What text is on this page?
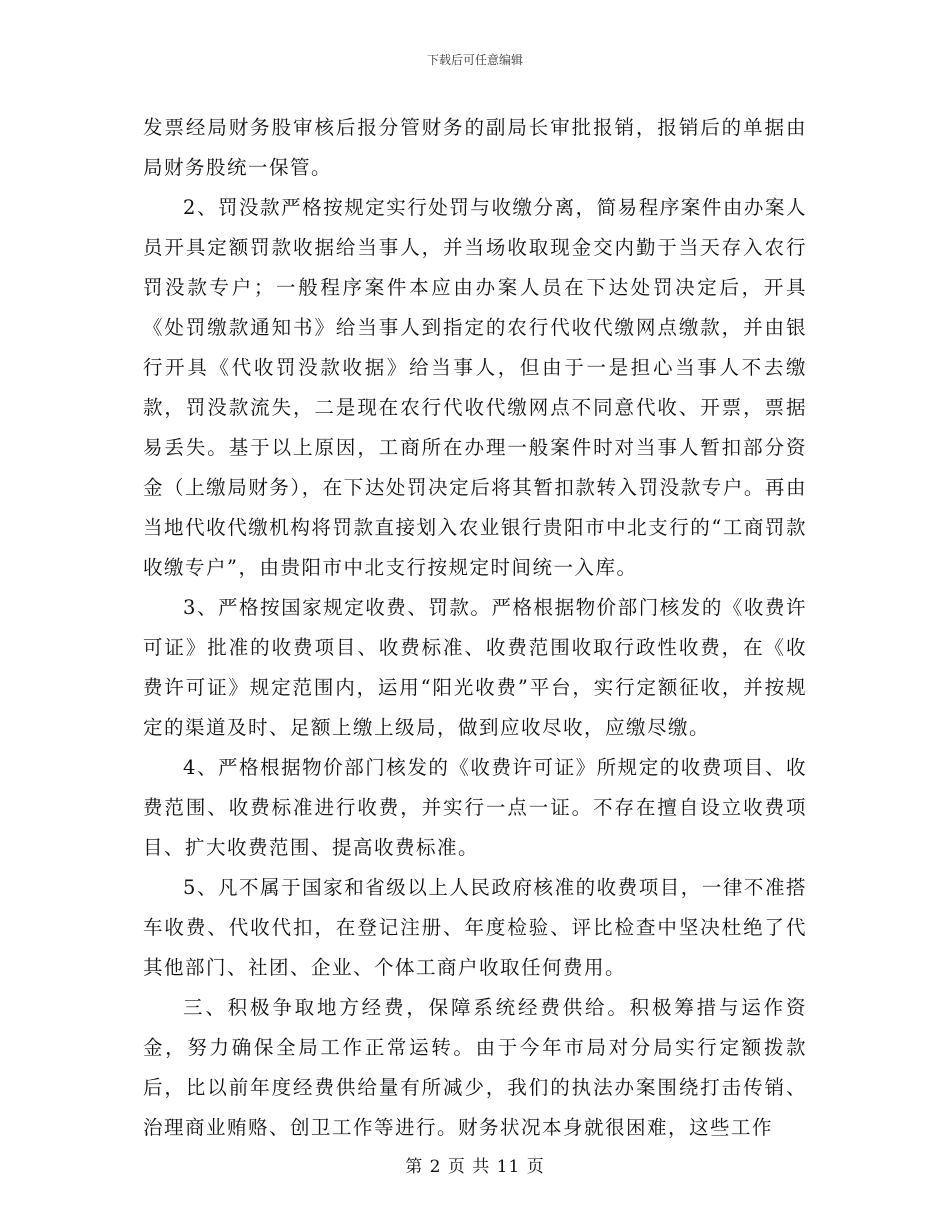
下载后可任意编辑

发票经局财务股审核后报分管财务的副局长审批报销，报销后的单据由局财务股统一保管。

2、罚没款严格按规定实行处罚与收缴分离，简易程序案件由办案人员开具定额罚款收据给当事人，并当场收取现金交内勤于当天存入农行罚没款专户；一般程序案件本应由办案人员在下达处罚决定后，开具《处罚缴款通知书》给当事人到指定的农行代收代缴网点缴款，并由银行开具《代收罚没款收据》给当事人，但由于一是担心当事人不去缴款，罚没款流失，二是现在农行代收代缴网点不同意代收、开票，票据易丢失。基于以上原因，工商所在办理一般案件时对当事人暂扣部分资金（上缴局财务），在下达处罚决定后将其暂扣款转入罚没款专户。再由当地代收代缴机构将罚款直接划入农业银行贵阳市中北支行的“工商罚款收缴专户”，由贵阳市中北支行按规定时间统一入库。

3、严格按国家规定收费、罚款。严格根据物价部门核发的《收费许可证》批准的收费项目、收费标准、收费范围收取行政性收费，在《收费许可证》规定范围内，运用“阳光收费”平台，实行定额征收，并按规定的渠道及时、足额上缴上级局，做到应收尽收，应缴尽缴。

4、严格根据物价部门核发的《收费许可证》所规定的收费项目、收费范围、收费标准进行收费，并实行一点一证。不存在擅自设立收费项目、扩大收费范围、提高收费标准。

5、凡不属于国家和省级以上人民政府核准的收费项目，一律不准搭车收费、代收代扣，在登记注册、年度检验、评比检查中坚决杜绝了代其他部门、社团、企业、个体工商户收取任何费用。

三、积极争取地方经费，保障系统经费供给。积极筹措与运作资金，努力确保全局工作正常运转。由于今年市局对分局实行定额拨款后，比以前年度经费供给量有所减少，我们的执法办案围绕打击传销、治理商业贿赂、创卫工作等进行。财务状况本身就很困难，这些工作

第 2 页 共 11 页
